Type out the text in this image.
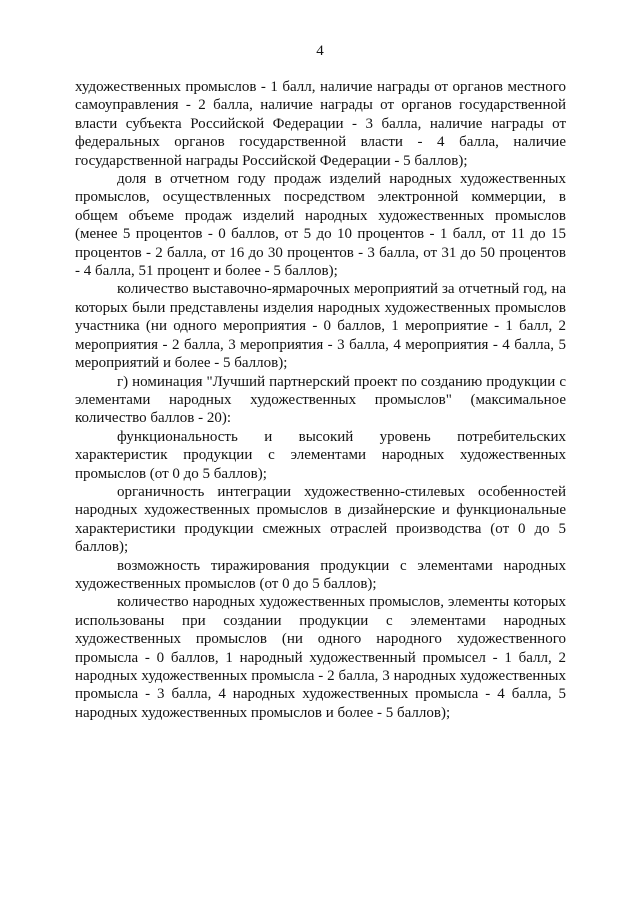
4

художественных промыслов - 1 балл, наличие награды от органов местного самоуправления - 2 балла, наличие награды от органов государственной власти субъекта Российской Федерации - 3 балла, наличие награды от федеральных органов государственной власти - 4 балла, наличие государственной награды Российской Федерации - 5 баллов);

доля в отчетном году продаж изделий народных художественных промыслов, осуществленных посредством электронной коммерции, в общем объеме продаж изделий народных художественных промыслов (менее 5 процентов - 0 баллов, от 5 до 10 процентов - 1 балл, от 11 до 15 процентов - 2 балла, от 16 до 30 процентов - 3 балла, от 31 до 50 процентов - 4 балла, 51 процент и более - 5 баллов);

количество выставочно-ярмарочных мероприятий за отчетный год, на которых были представлены изделия народных художественных промыслов участника (ни одного мероприятия - 0 баллов, 1 мероприятие - 1 балл, 2 мероприятия - 2 балла, 3 мероприятия - 3 балла, 4 мероприятия - 4 балла, 5 мероприятий и более - 5 баллов);

г) номинация "Лучший партнерский проект по созданию продукции с элементами народных художественных промыслов" (максимальное количество баллов - 20):

функциональность и высокий уровень потребительских характеристик продукции с элементами народных художественных промыслов (от 0 до 5 баллов);

органичность интеграции художественно-стилевых особенностей народных художественных промыслов в дизайнерские и функциональные характеристики продукции смежных отраслей производства (от 0 до 5 баллов);

возможность тиражирования продукции с элементами народных художественных промыслов (от 0 до 5 баллов);

количество народных художественных промыслов, элементы которых использованы при создании продукции с элементами народных художественных промыслов (ни одного народного художественного промысла - 0 баллов, 1 народный художественный промысел - 1 балл, 2 народных художественных промысла - 2 балла, 3 народных художественных промысла - 3 балла, 4 народных художественных промысла - 4 балла, 5 народных художественных промыслов и более - 5 баллов);
